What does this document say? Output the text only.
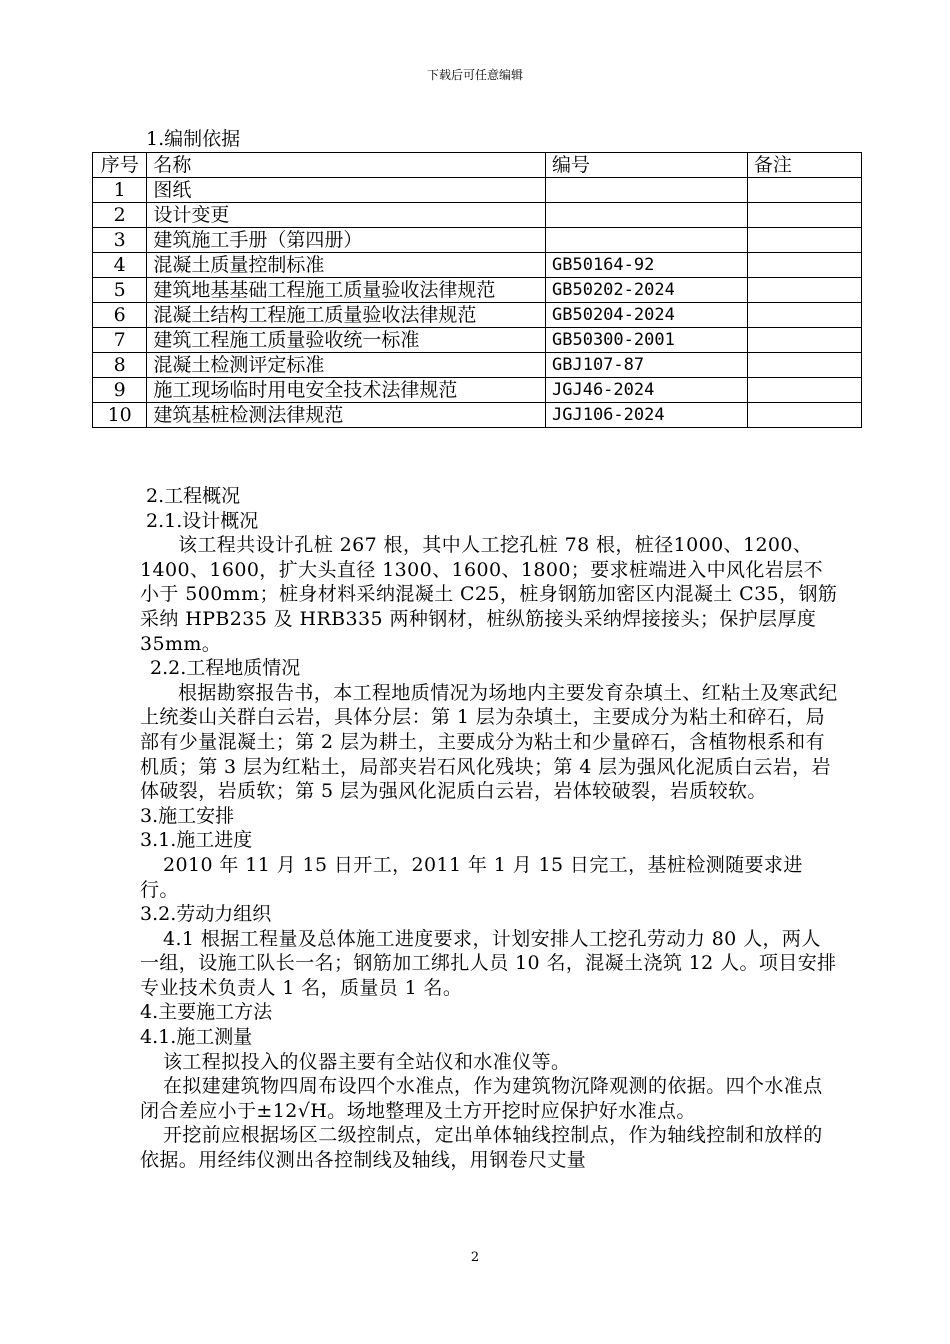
下载后可任意编辑
1.编制依据
序号	名称	编号	备注
1	图纸		
2	设计变更		
3	建筑施工手册（第四册）		
4	混凝土质量控制标准	GB50164-92	
5	建筑地基基础工程施工质量验收法律规范	GB50202-2024	
6	混凝土结构工程施工质量验收法律规范	GB50204-2024	
7	建筑工程施工质量验收统一标准	GB50300-2001	
8	混凝土检测评定标准	GBJ107-87	
9	施工现场临时用电安全技术法律规范	JGJ46-2024	
10	建筑基桩检测法律规范	JGJ106-2024	
2.工程概况
2.1.设计概况
该工程共设计孔桩 267 根，其中人工挖孔桩 78 根，桩径1000、1200、1400、1600，扩大头直径 1300、1600、1800；要求桩端进入中风化岩层不小于 500mm；桩身材料采纳混凝土 C25，桩身钢筋加密区内混凝土 C35，钢筋采纳 HPB235 及 HRB335 两种钢材，桩纵筋接头采纳焊接接头；保护层厚度 35mm。
2.2.工程地质情况
根据勘察报告书，本工程地质情况为场地内主要发育杂填土、红粘土及寒武纪上统娄山关群白云岩，具体分层：第 1 层为杂填土，主要成分为粘土和碎石，局部有少量混凝土；第 2 层为耕土，主要成分为粘土和少量碎石，含植物根系和有机质；第 3 层为红粘土，局部夹岩石风化残块；第 4 层为强风化泥质白云岩，岩体破裂，岩质软；第 5 层为强风化泥质白云岩，岩体较破裂，岩质较软。
3.施工安排
3.1.施工进度
2010 年 11 月 15 日开工，2011 年 1 月 15 日完工，基桩检测随要求进行。
3.2.劳动力组织
4.1 根据工程量及总体施工进度要求，计划安排人工挖孔劳动力 80 人，两人一组，设施工队长一名；钢筋加工绑扎人员 10 名，混凝土浇筑 12 人。项目安排专业技术负责人 1 名，质量员 1 名。
4.主要施工方法
4.1.施工测量
该工程拟投入的仪器主要有全站仪和水准仪等。
在拟建建筑物四周布设四个水准点，作为建筑物沉降观测的依据。四个水准点闭合差应小于±12√H。场地整理及土方开挖时应保护好水准点。
开挖前应根据场区二级控制点，定出单体轴线控制点，作为轴线控制和放样的依据。用经纬仪测出各控制线及轴线，用钢卷尺丈量
2
